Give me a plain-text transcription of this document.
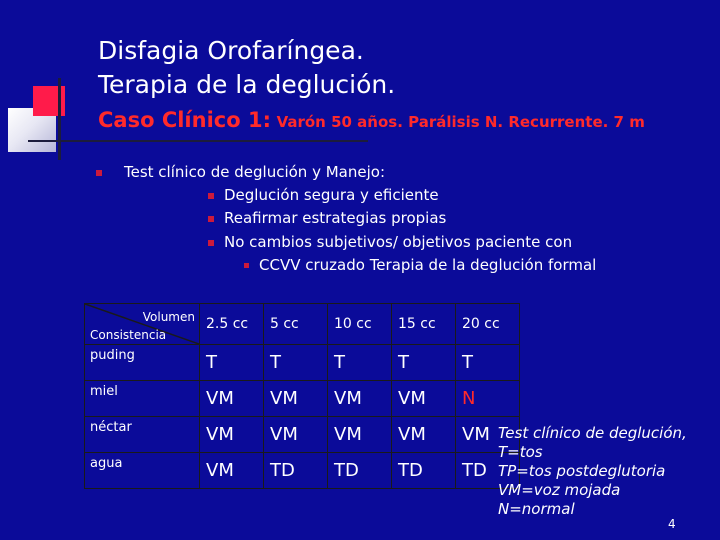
Disfagia Orofaríngea.
Terapia de la deglución.
Caso Clínico 1: Varón 50 años. Parálisis N. Recurrente. 7 m
Test clínico de deglución y Manejo:
Deglución segura y eficiente
Reafirmar estrategias propias
No cambios subjetivos/ objetivos paciente con
CCVV cruzado Terapia de la deglución formal
Volumen
Consistencia	2.5 cc	5 cc	10 cc	15 cc	20 cc
puding	T	T	T	T	T
miel	VM	VM	VM	VM	N
néctar	VM	VM	VM	VM	VM
agua	VM	TD	TD	TD	TD
Test clínico de deglución,
T=tos
TP=tos postdeglutoria
VM=voz mojada
N=normal
4
